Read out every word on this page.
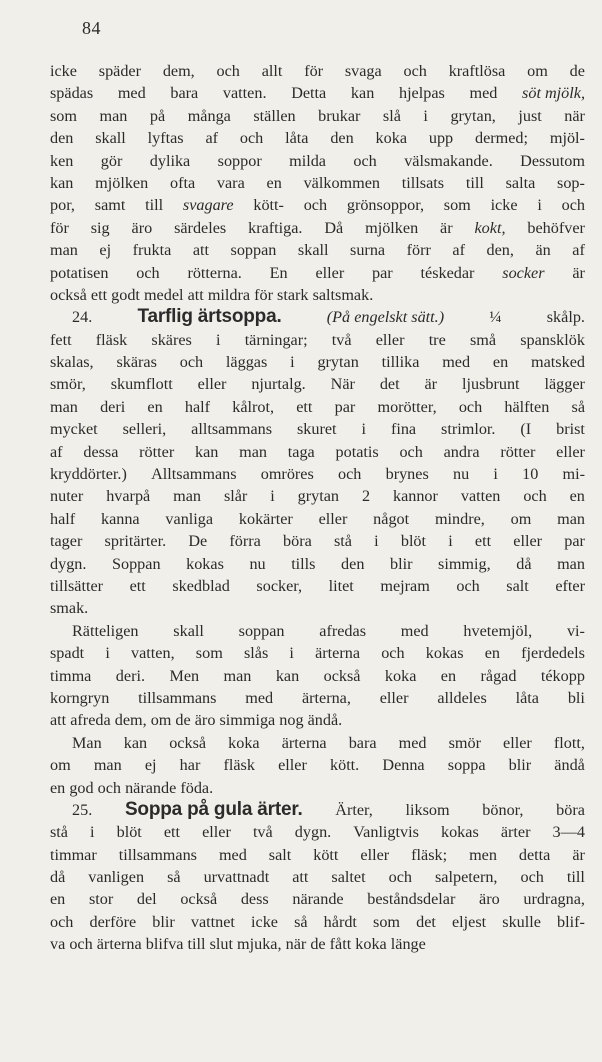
84
icke späder dem, och allt för svaga och kraftlösa om de
spädas med bara vatten. Detta kan hjelpas med söt mjölk,
som man på många ställen brukar slå i grytan, just när
den skall lyftas af och låta den koka upp dermed; mjöl-
ken gör dylika soppor milda och välsmakande. Dessutom
kan mjölken ofta vara en välkommen tillsats till salta sop-
por, samt till svagare kött- och grönsoppor, som icke i och
för sig äro särdeles kraftiga. Då mjölken är kokt, behöfver
man ej frukta att soppan skall surna förr af den, än af
potatisen och rötterna. En eller par téskedar socker är
också ett godt medel att mildra för stark saltsmak.
24. Tarflig ärtsoppa.	(På engelskt sätt.)	¼	skålp.
fett fläsk skäres i tärningar; två eller tre små spansklök
skalas, skäras och läggas i grytan tillika med en matsked
smör, skumflott eller njurtalg. När det är ljusbrunt lägger
man deri en half kålrot, ett par morötter, och hälften så
mycket selleri, alltsammans skuret i fina strimlor. (I brist
af dessa rötter kan man taga potatis och andra rötter eller
kryddörter.) Alltsammans omröres och brynes nu i 10 mi-
nuter hvarpå man slår i grytan 2 kannor vatten och en
half kanna vanliga kokärter eller något mindre, om man
tager spritärter. De förra böra stå i blöt i ett eller par
dygn. Soppan kokas nu tills den blir simmig, då man
tillsätter ett skedblad socker, litet mejram och salt efter
smak.
Rätteligen skall soppan afredas med hvetemjöl, vi-
spadt i vatten, som slås i ärterna och kokas en fjerdedels
timma deri. Men man kan också koka en rågad tékopp
korngryn tillsammans med ärterna, eller alldeles låta bli
att afreda dem, om de äro simmiga nog ändå.
Man kan också koka ärterna bara med smör eller flott,
om man ej har fläsk eller kött. Denna soppa blir ändå
en god och närande föda.
25. Soppa på gula ärter. Ärter, liksom bönor, böra
stå i blöt ett eller två dygn. Vanligtvis kokas ärter 3—4
timmar tillsammans med salt kött eller fläsk; men detta är
då vanligen så urvattnadt att saltet och salpetern, och till
en stor del också dess närande beståndsdelar äro urdragna,
och derföre blir vattnet icke så hårdt som det eljest skulle blif-
va och ärterna blifva till slut mjuka, när de fått koka länge
